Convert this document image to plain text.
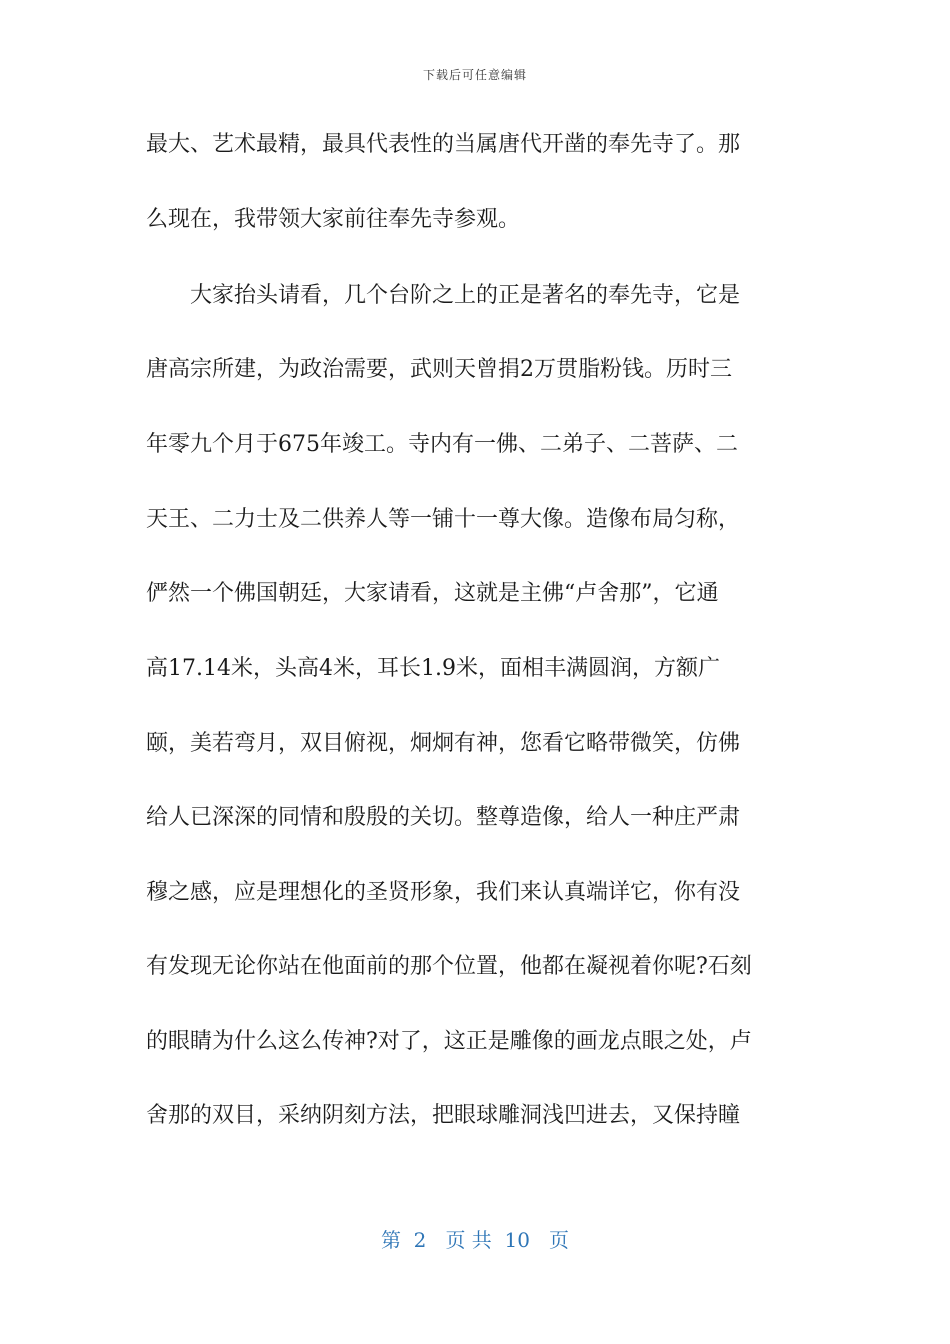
下载后可任意编辑
最大、艺术最精，最具代表性的当属唐代开凿的奉先寺了。那
么现在，我带领大家前往奉先寺参观。
大家抬头请看，几个台阶之上的正是著名的奉先寺，它是
唐高宗所建，为政治需要，武则天曾捐2万贯脂粉钱。历时三
年零九个月于675年竣工。寺内有一佛、二弟子、二菩萨、二
天王、二力士及二供养人等一铺十一尊大像。造像布局匀称，
俨然一个佛国朝廷，大家请看，这就是主佛“卢舍那”，它通
高17.14米，头高4米，耳长1.9米，面相丰满圆润，方额广
颐，美若弯月，双目俯视，炯炯有神，您看它略带微笑，仿佛
给人已深深的同情和殷殷的关切。整尊造像，给人一种庄严肃
穆之感，应是理想化的圣贤形象，我们来认真端详它，你有没
有发现无论你站在他面前的那个位置，他都在凝视着你呢?石刻
的眼睛为什么这么传神?对了，这正是雕像的画龙点眼之处，卢
舍那的双目，采纳阴刻方法，把眼球雕洞浅凹进去，又保持瞳
第  2   页 共  10   页
